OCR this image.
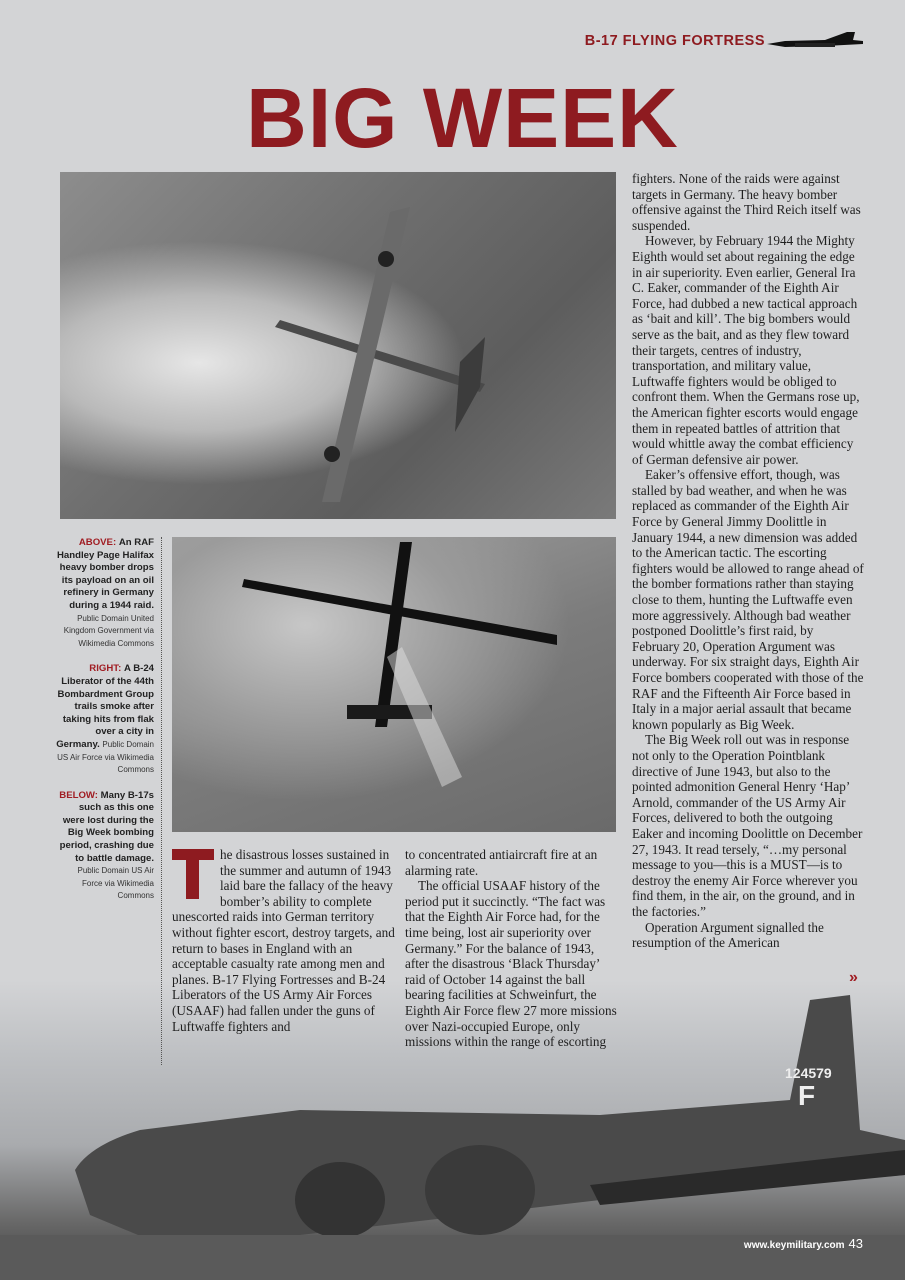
B-17 FLYING FORTRESS
BIG WEEK
124579
F
ABOVE: An RAF Handley Page Halifax heavy bomber drops its payload on an oil refinery in Germany during a 1944 raid. Public Domain United Kingdom Government via Wikimedia Commons
RIGHT: A B-24 Liberator of the 44th Bombardment Group trails smoke after taking hits from flak over a city in Germany. Public Domain US Air Force via Wikimedia Commons
BELOW: Many B-17s such as this one were lost during the Big Week bombing period, crashing due to battle damage. Public Domain US Air Force via Wikimedia Commons

he disastrous losses sustained in the summer and autumn of 1943 laid bare the fallacy of the heavy bomber’s ability to complete unescorted raids into German territory without fighter escort, destroy targets, and return to bases in England with an acceptable casualty rate among men and planes. B-17 Flying Fortresses and B-24 Liberators of the US Army Air Forces (USAAF) had fallen under the guns of Luftwaffe fighters and

to concentrated antiaircraft fire at an alarming rate.

The official USAAF history of the period put it succinctly. “The fact was that the Eighth Air Force had, for the time being, lost air superiority over Germany.” For the balance of 1943, after the disastrous ‘Black Thursday’ raid of October 14 against the ball bearing facilities at Schweinfurt, the Eighth Air Force flew 27 more missions over Nazi-occupied Europe, only missions within the range of escorting

fighters. None of the raids were against targets in Germany. The heavy bomber offensive against the Third Reich itself was suspended.

However, by February 1944 the Mighty Eighth would set about regaining the edge in air superiority. Even earlier, General Ira C. Eaker, commander of the Eighth Air Force, had dubbed a new tactical approach as ‘bait and kill’. The big bombers would serve as the bait, and as they flew toward their targets, centres of industry, transportation, and military value, Luftwaffe fighters would be obliged to confront them. When the Germans rose up, the American fighter escorts would engage them in repeated battles of attrition that would whittle away the combat efficiency of German defensive air power.

Eaker’s offensive effort, though, was stalled by bad weather, and when he was replaced as commander of the Eighth Air Force by General Jimmy Doolittle in January 1944, a new dimension was added to the American tactic. The escorting fighters would be allowed to range ahead of the bomber formations rather than staying close to them, hunting the Luftwaffe even more aggressively. Although bad weather postponed Doolittle’s first raid, by February 20, Operation Argument was underway. For six straight days, Eighth Air Force bombers cooperated with those of the RAF and the Fifteenth Air Force based in Italy in a major aerial assault that became known popularly as Big Week.

The Big Week roll out was in response not only to the Operation Pointblank directive of June 1943, but also to the pointed admonition General Henry ‘Hap’ Arnold, commander of the US Army Air Forces, delivered to both the outgoing Eaker and incoming Doolittle on December 27, 1943. It read tersely, “…my personal message to you—this is a MUST—is to destroy the enemy Air Force wherever you find them, in the air, on the ground, and in the factories.”

Operation Argument signalled the resumption of the American

»
www.keymilitary.com 43
